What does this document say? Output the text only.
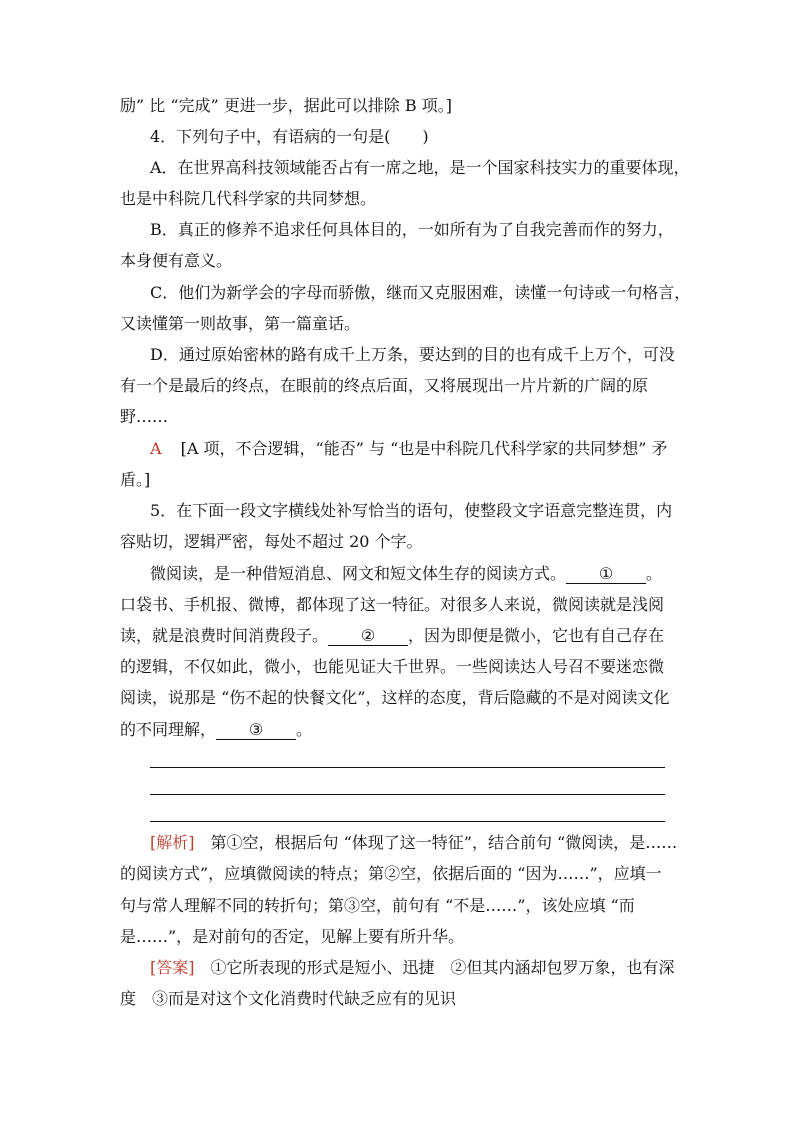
励” 比 “完成” 更进一步，据此可以排除 B 项。]
4．下列句子中，有语病的一句是(　　)
A．在世界高科技领域能否占有一席之地，是一个国家科技实力的重要体现，
也是中科院几代科学家的共同梦想。
B．真正的修养不追求任何具体目的，一如所有为了自我完善而作的努力，
本身便有意义。
C．他们为新学会的字母而骄傲，继而又克服困难，读懂一句诗或一句格言，
又读懂第一则故事，第一篇童话。
D．通过原始密林的路有成千上万条，要达到的目的也有成千上万个，可没
有一个是最后的终点，在眼前的终点后面，又将展现出一片片新的广阔的原
野……
A [A 项，不合逻辑，“能否” 与 “也是中科院几代科学家的共同梦想” 矛
盾。]
5．在下面一段文字横线处补写恰当的语句，使整段文字语意完整连贯，内
容贴切，逻辑严密，每处不超过 20 个字。
微阅读，是一种借短消息、网文和短文体生存的阅读方式。 ① 。
口袋书、手机报、微博，都体现了这一特征。对很多人来说，微阅读就是浅阅
读，就是浪费时间消费段子。 ② ，因为即便是微小，它也有自己存在
的逻辑，不仅如此，微小，也能见证大千世界。一些阅读达人号召不要迷恋微
阅读，说那是 “伤不起的快餐文化”，这样的态度，背后隐藏的不是对阅读文化
的不同理解， ③ 。
[解析]　第①空，根据后句 “体现了这一特征”，结合前句 “微阅读，是……
的阅读方式”，应填微阅读的特点；第②空，依据后面的 “因为……”，应填一
句与常人理解不同的转折句；第③空，前句有 “不是……”，该处应填 “而
是……”，是对前句的否定，见解上要有所升华。
[答案]　①它所表现的形式是短小、迅捷　②但其内涵却包罗万象，也有深
度　③而是对这个文化消费时代缺乏应有的见识
